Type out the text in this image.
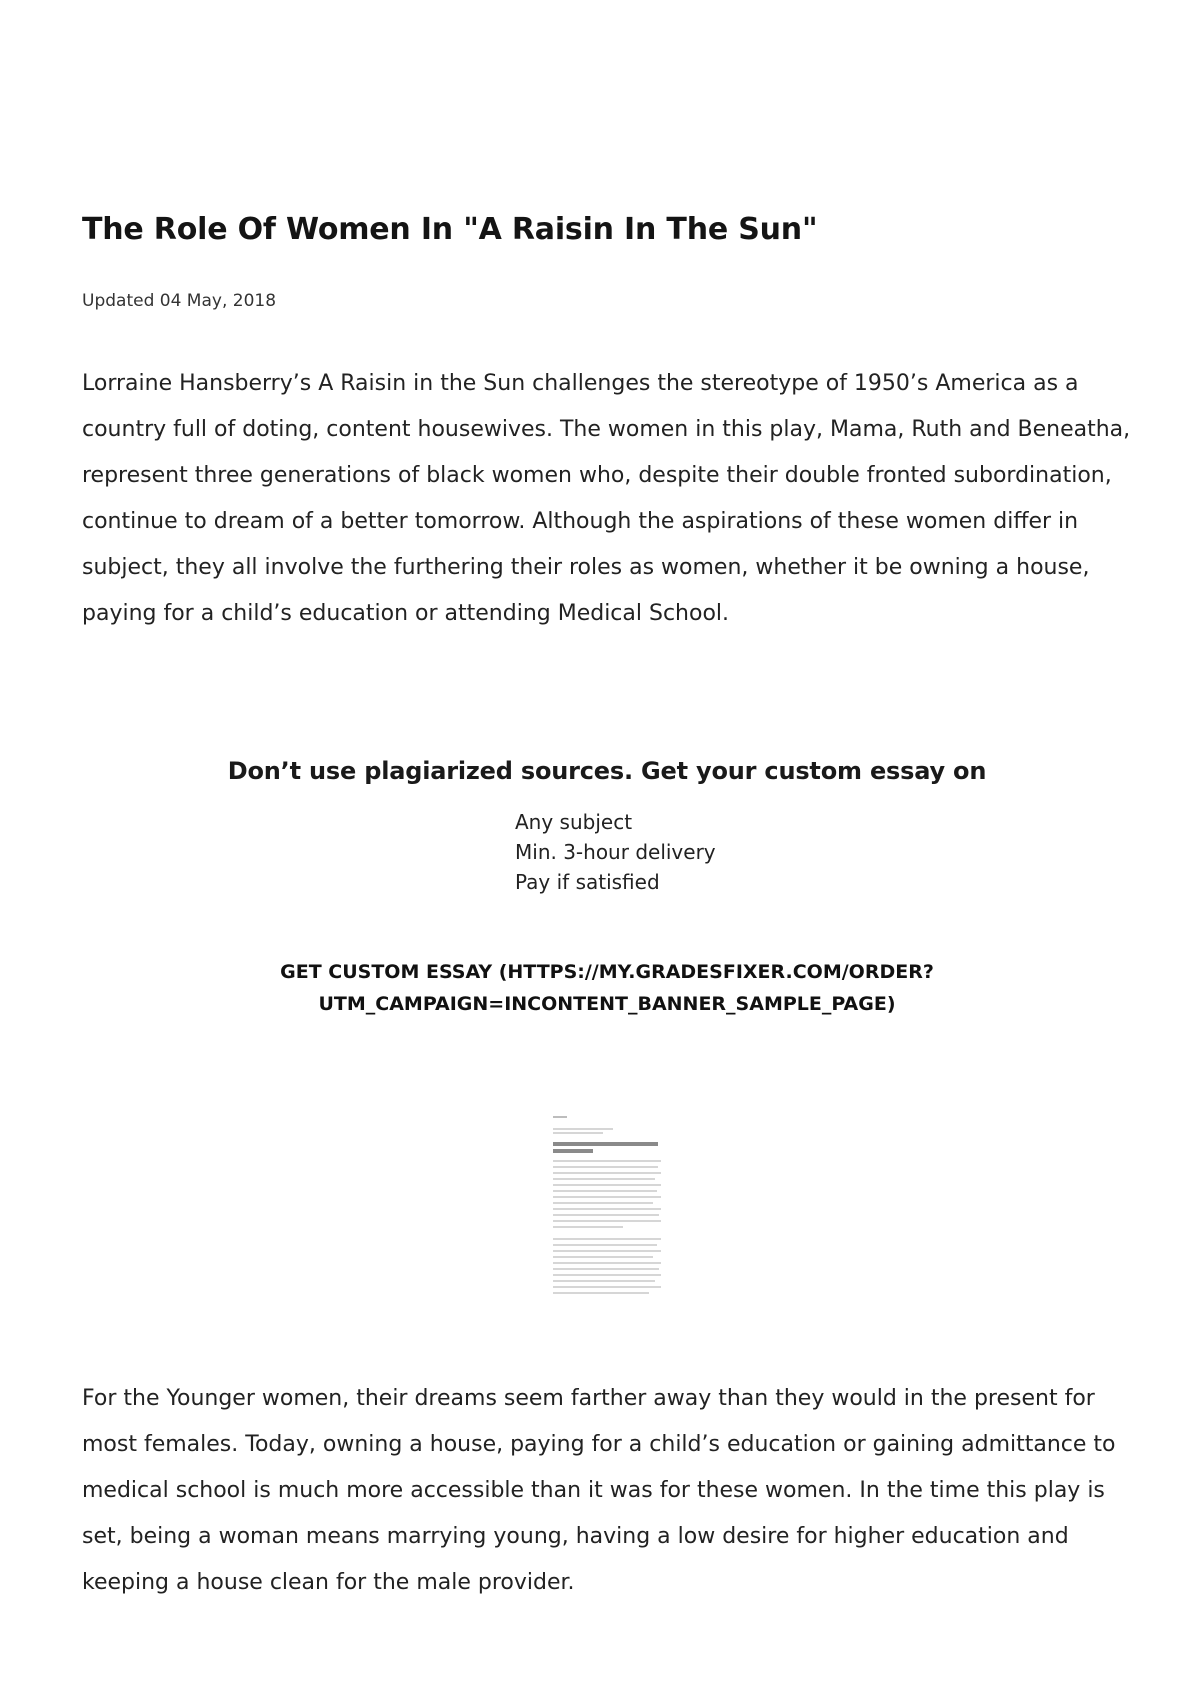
The Role Of Women In "A Raisin In The Sun"
Updated 04 May, 2018

Lorraine Hansberry’s A Raisin in the Sun challenges the stereotype of 1950’s America as a country full of doting, content housewives. The women in this play, Mama, Ruth and Beneatha, represent three generations of black women who, despite their double fronted subordination, continue to dream of a better tomorrow. Although the aspirations of these women differ in subject, they all involve the furthering their roles as women, whether it be owning a house, paying for a child’s education or attending Medical School.

Don’t use plagiarized sources. Get your custom essay on
Any subject
Min. 3-hour delivery
Pay if satisfied
GET CUSTOM ESSAY (HTTPS://MY.GRADESFIXER.COM/ORDER? UTM_CAMPAIGN=INCONTENT_BANNER_SAMPLE_PAGE)

For the Younger women, their dreams seem farther away than they would in the present for most females. Today, owning a house, paying for a child’s education or gaining admittance to medical school is much more accessible than it was for these women. In the time this play is set, being a woman means marrying young, having a low desire for higher education and keeping a house clean for the male provider.
